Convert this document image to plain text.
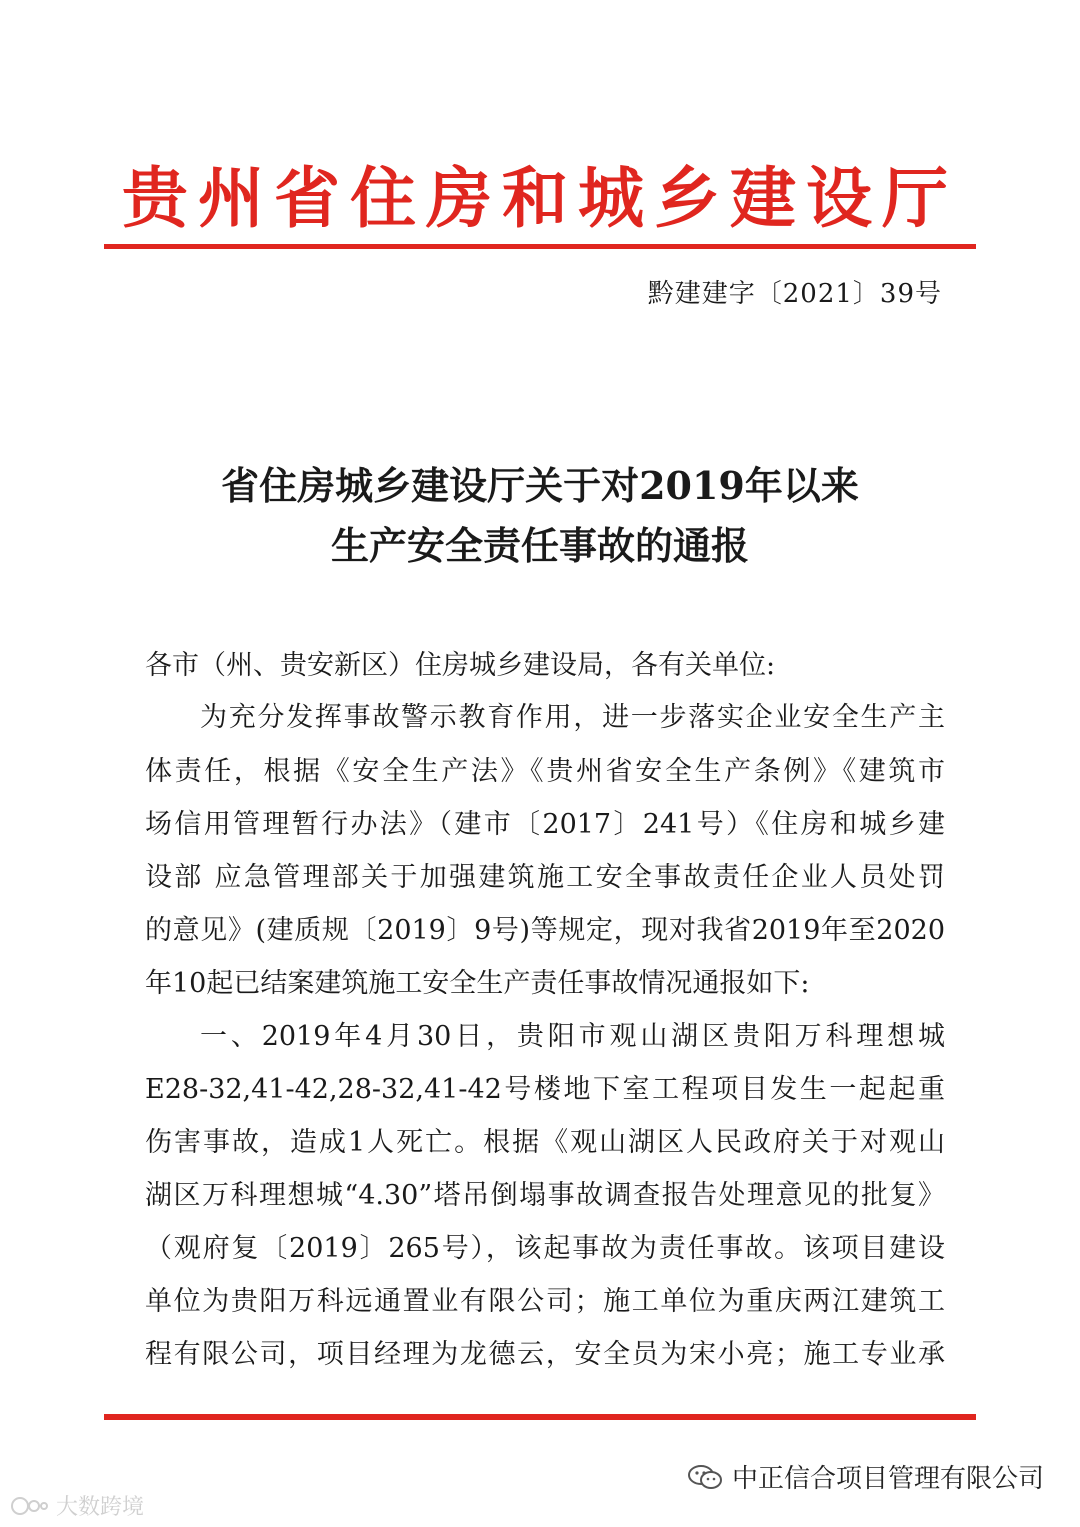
贵州省住房和城乡建设厅
黔建建字〔2021〕39号
省住房城乡建设厅关于对2019年以来
生产安全责任事故的通报
各市（州、贵安新区）住房城乡建设局，各有关单位:
为充分发挥事故警示教育作用，进一步落实企业安全生产主
体责任，根据《安全生产法》《贵州省安全生产条例》《建筑市
场信用管理暂行办法》（建市〔2017〕241号）《住房和城乡建
设部 应急管理部关于加强建筑施工安全事故责任企业人员处罚
的意见》(建质规〔2019〕9号)等规定，现对我省2019年至2020
年10起已结案建筑施工安全生产责任事故情况通报如下:
一、2019年4月30日，贵阳市观山湖区贵阳万科理想城
E28-32,41-42,28-32,41-42号楼地下室工程项目发生一起起重
伤害事故，造成1人死亡。根据《观山湖区人民政府关于对观山
湖区万科理想城“4.30”塔吊倒塌事故调查报告处理意见的批复》
（观府复〔2019〕265号），该起事故为责任事故。该项目建设
单位为贵阳万科远通置业有限公司；施工单位为重庆两江建筑工
程有限公司，项目经理为龙德云，安全员为宋小亮；施工专业承
中正信合项目管理有限公司
大数跨境
